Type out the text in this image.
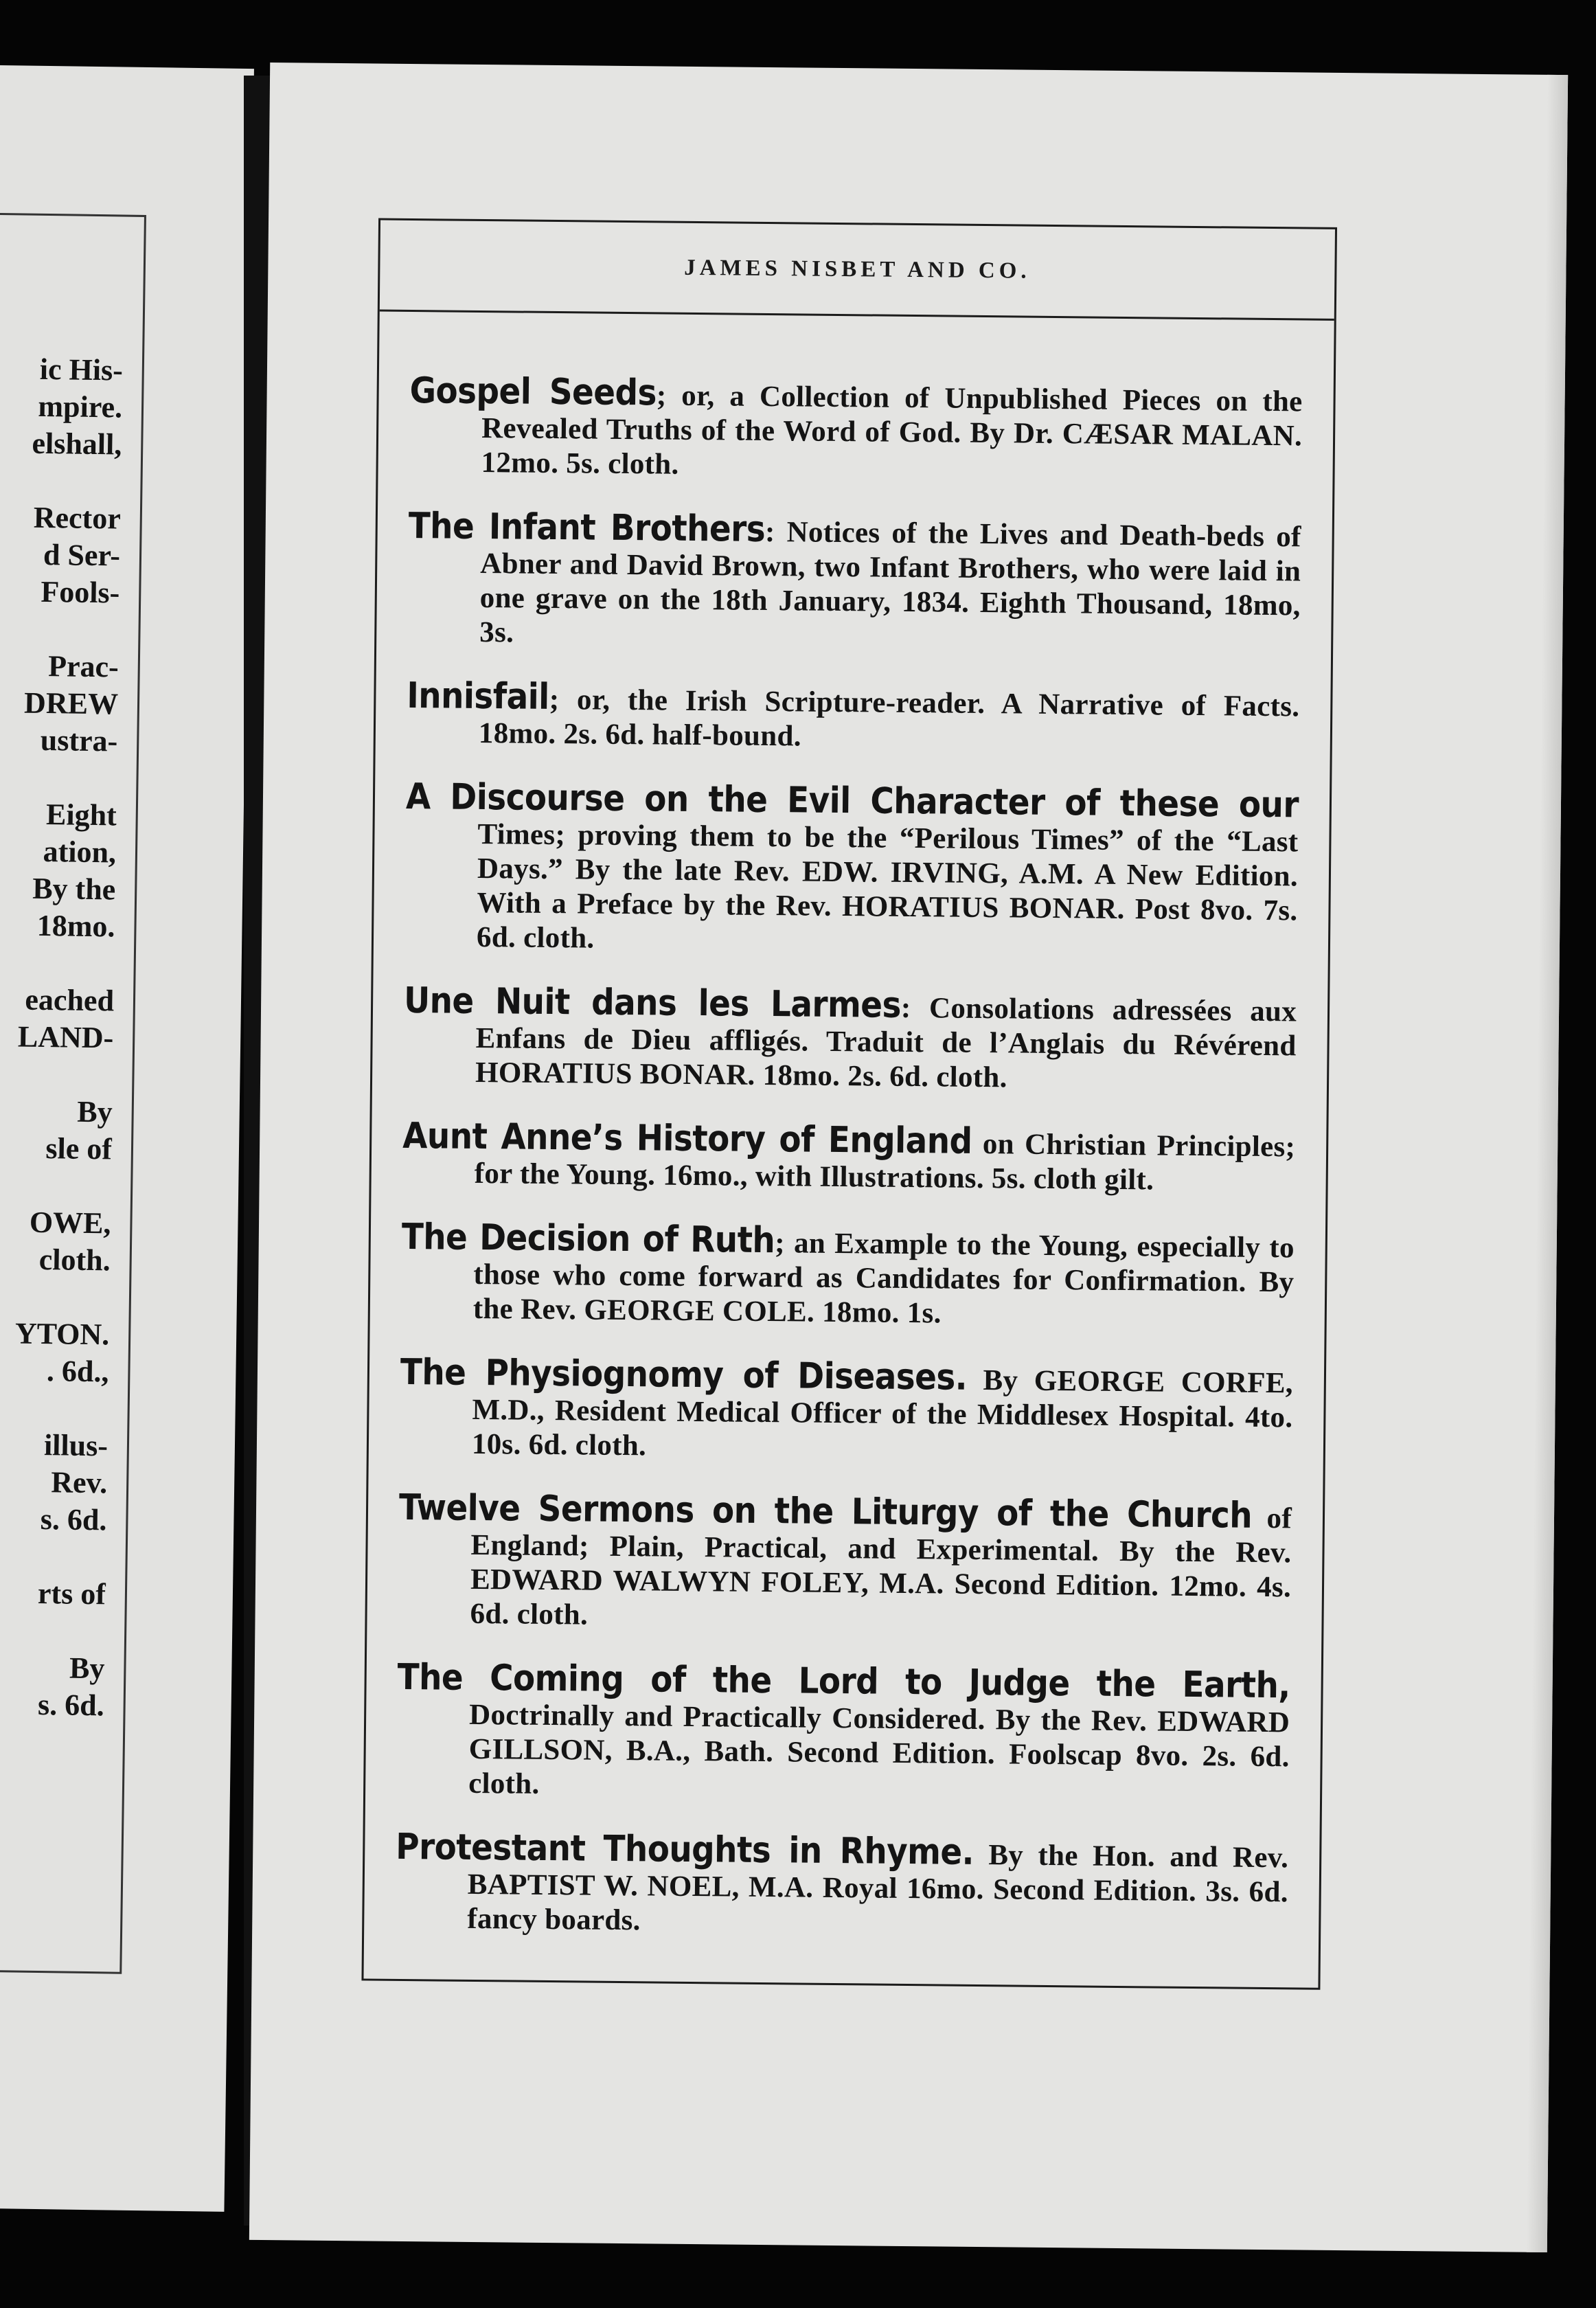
ic His-
mpire.
elshall,
Rector
d Ser-
Fools-
Prac-
DREW
ustra-
Eight
ation,
By the
18mo.
eached
LAND-
By
sle of
OWE,
cloth.
YTON.
. 6d.,
illus-
Rev.
s. 6d.
rts of
By
s. 6d.
JAMES NISBET AND CO.

Gospel Seeds; or, a Collection of Unpublished Pieces on the Revealed Truths of the Word of God. By Dr. CÆSAR MALAN. 12mo. 5s. cloth.

The Infant Brothers: Notices of the Lives and Death-beds of Abner and David Brown, two Infant Brothers, who were laid in one grave on the 18th January, 1834. Eighth Thousand, 18mo, 3s.

Innisfail; or, the Irish Scripture-reader. A Narrative of Facts. 18mo. 2s. 6d. half-bound.

A Discourse on the Evil Character of these our Times; proving them to be the “Perilous Times” of the “Last Days.” By the late Rev. EDW. IRVING, A.M. A New Edition. With a Preface by the Rev. HORATIUS BONAR. Post 8vo. 7s. 6d. cloth.

Une Nuit dans les Larmes: Consolations adressées aux Enfans de Dieu affligés. Traduit de l’Anglais du Révérend HORATIUS BONAR. 18mo. 2s. 6d. cloth.

Aunt Anne’s History of England on Christian Principles; for the Young. 16mo., with Illustrations. 5s. cloth gilt.

The Decision of Ruth; an Example to the Young, especially to those who come forward as Candidates for Confirmation. By the Rev. GEORGE COLE. 18mo. 1s.

The Physiognomy of Diseases. By GEORGE CORFE, M.D., Resident Medical Officer of the Middlesex Hospital. 4to. 10s. 6d. cloth.

Twelve Sermons on the Liturgy of the Church of England; Plain, Practical, and Experimental. By the Rev. EDWARD WALWYN FOLEY, M.A. Second Edition. 12mo. 4s. 6d. cloth.

The Coming of the Lord to Judge the Earth, Doctrinally and Practically Considered. By the Rev. EDWARD GILLSON, B.A., Bath. Second Edition. Foolscap 8vo. 2s. 6d. cloth.

Protestant Thoughts in Rhyme. By the Hon. and Rev. BAPTIST W. NOEL, M.A. Royal 16mo. Second Edition. 3s. 6d. fancy boards.
